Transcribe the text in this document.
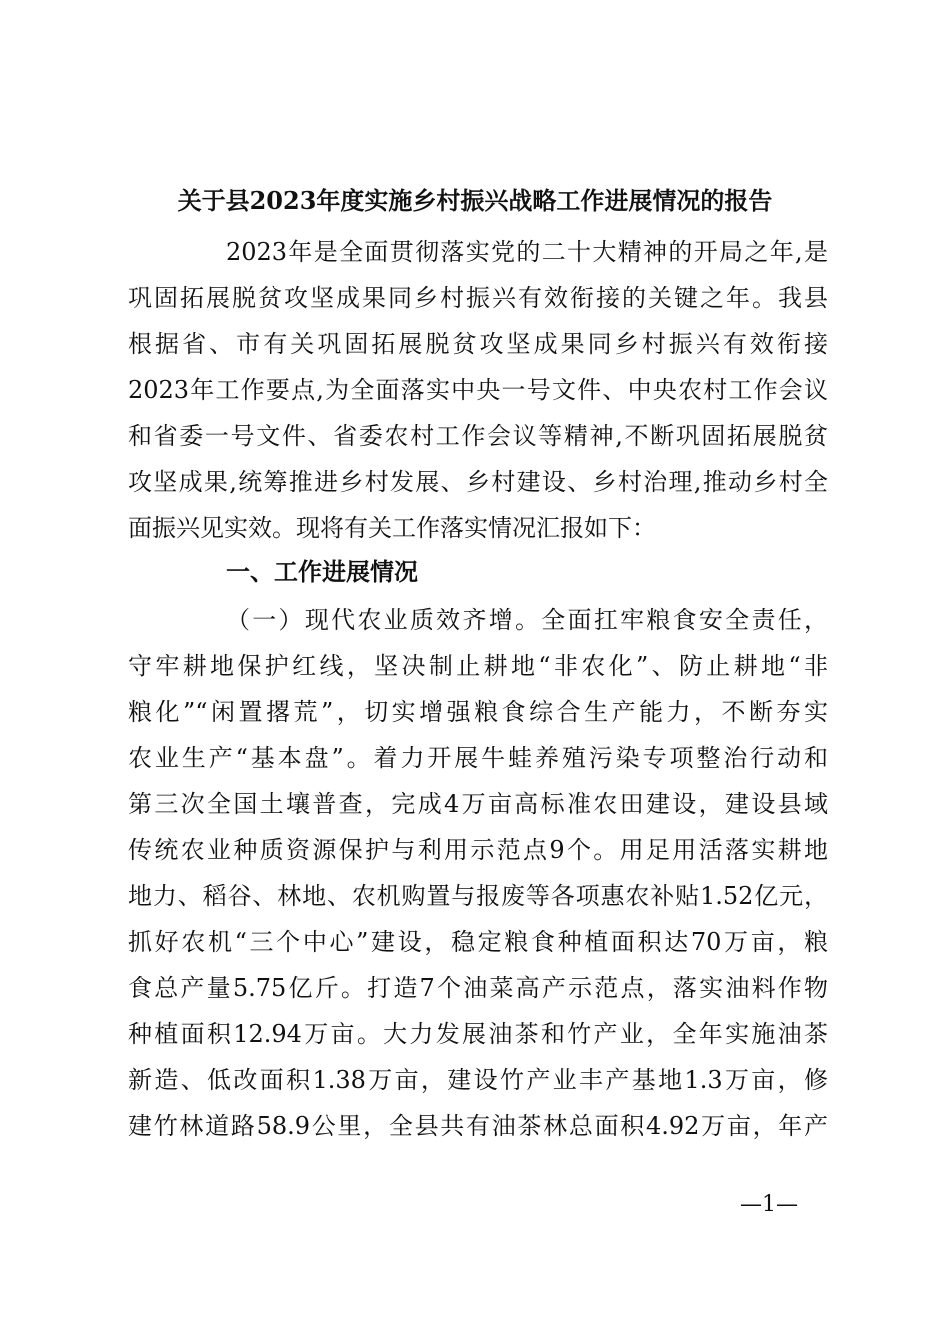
关于县2023年度实施乡村振兴战略工作进展情况的报告
2023年是全面贯彻落实党的二十大精神的开局之年,是
巩固拓展脱贫攻坚成果同乡村振兴有效衔接的关键之年。我县
根据省、市有关巩固拓展脱贫攻坚成果同乡村振兴有效衔接
2023年工作要点,为全面落实中央一号文件、中央农村工作会议
和省委一号文件、省委农村工作会议等精神,不断巩固拓展脱贫
攻坚成果,统筹推进乡村发展、乡村建设、乡村治理,推动乡村全
面振兴见实效。现将有关工作落实情况汇报如下：
一、工作进展情况
（一）现代农业质效齐增。全面扛牢粮食安全责任，
守牢耕地保护红线，坚决制止耕地“非农化”、防止耕地“非
粮化”“闲置撂荒”，切实增强粮食综合生产能力，不断夯实
农业生产“基本盘”。着力开展牛蛙养殖污染专项整治行动和
第三次全国土壤普查，完成4万亩高标准农田建设，建设县域
传统农业种质资源保护与利用示范点9个。用足用活落实耕地
地力、稻谷、林地、农机购置与报废等各项惠农补贴1.52亿元，
抓好农机“三个中心”建设，稳定粮食种植面积达70万亩，粮
食总产量5.75亿斤。打造7个油菜高产示范点，落实油料作物
种植面积12.94万亩。大力发展油茶和竹产业，全年实施油茶
新造、低改面积1.38万亩，建设竹产业丰产基地1.3万亩，修
建竹林道路58.9公里，全县共有油茶林总面积4.92万亩，年产
—1—
